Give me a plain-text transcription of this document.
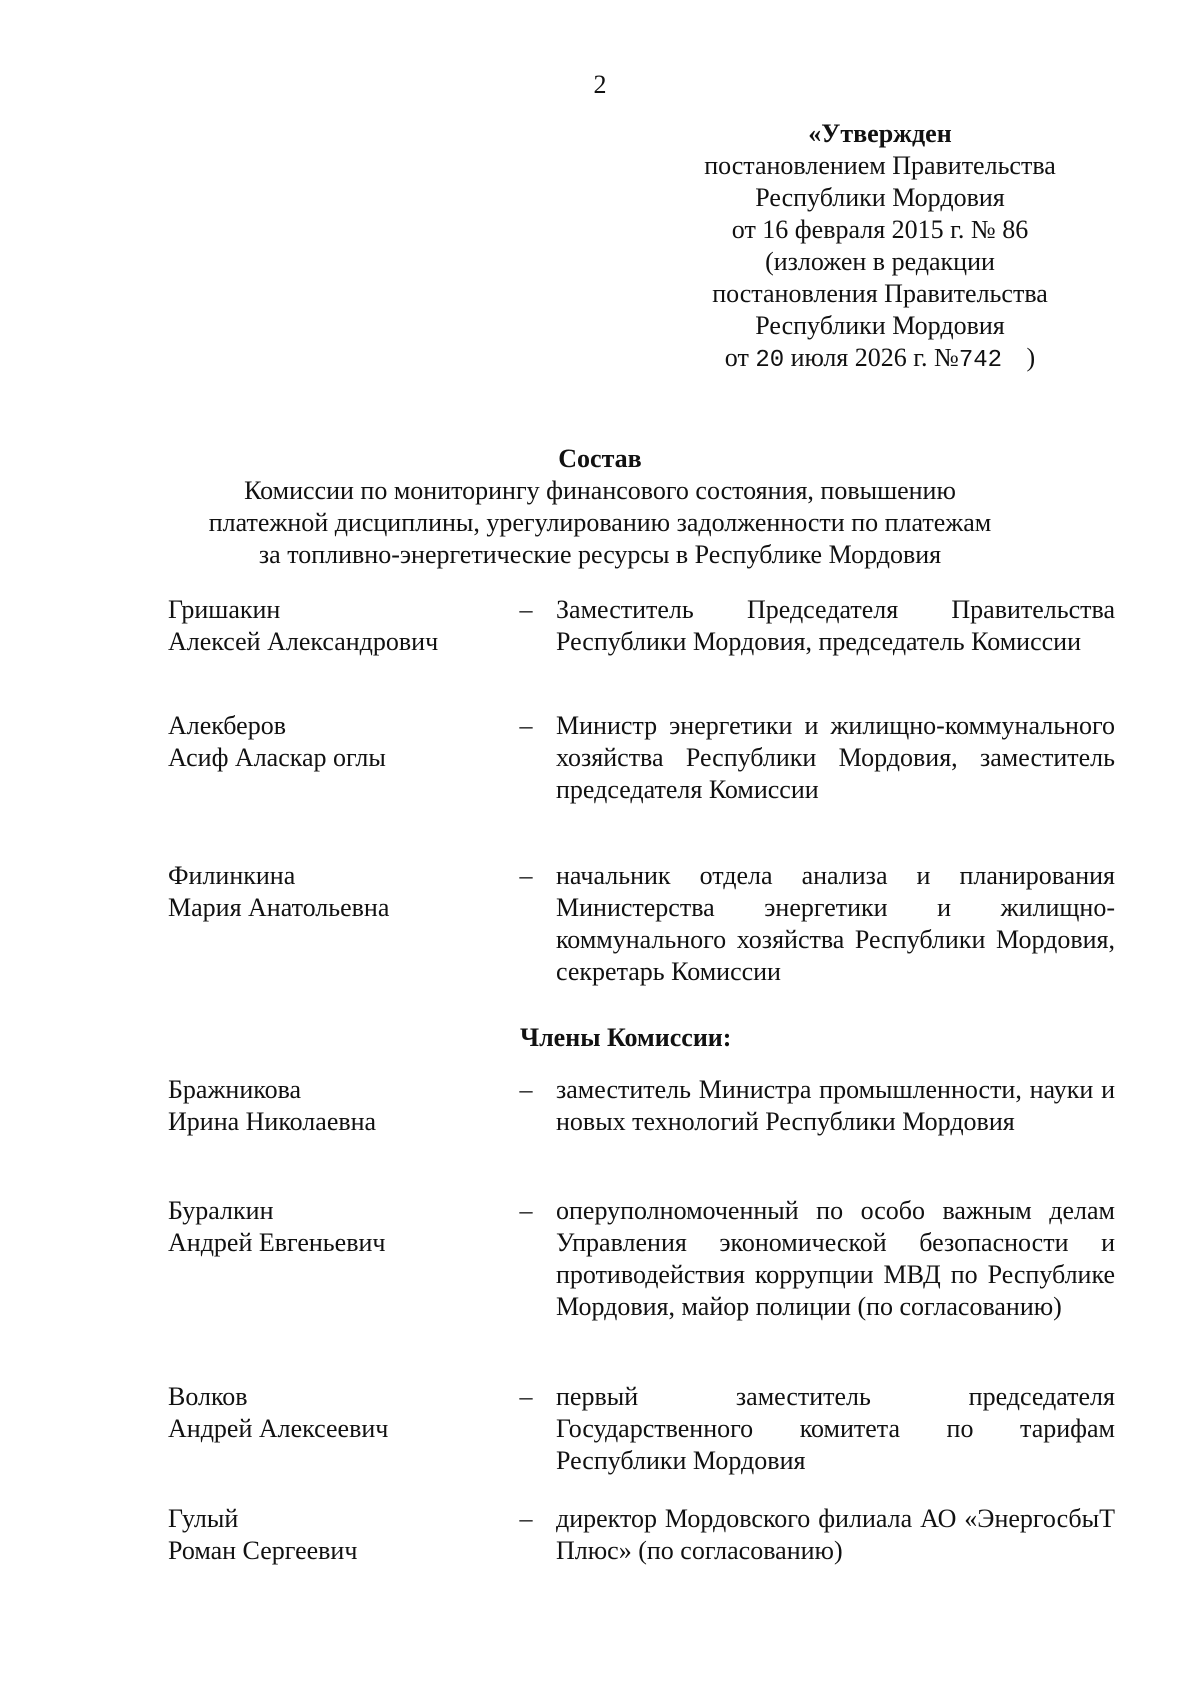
2
«Утвержден
постановлением Правительства
Республики Мордовия
от 16 февраля 2015 г. № 86
(изложен в редакции
постановления Правительства
Республики Мордовия
от 20 июля 2026 г. №742 )
Состав
Комиссии по мониторингу финансового состояния, повышению
платежной дисциплины, урегулированию задолженности по платежам
за топливно-энергетические ресурсы в Республике Мордовия
Гришакин
Алексей Александрович
– Заместитель Председателя Правительства Республики Мордовия, председатель Комиссии
Алекберов
Асиф Аласкар оглы
– Министр энергетики и жилищно-коммунального хозяйства Республики Мордовия, заместитель председателя Комиссии
Филинкина
Мария Анатольевна
– начальник отдела анализа и планирования Министерства энергетики и жилищно-коммунального хозяйства Республики Мордовия, секретарь Комиссии
Члены Комиссии:
Бражникова
Ирина Николаевна
– заместитель Министра промышленности, науки и новых технологий Республики Мордовия
Буралкин
Андрей Евгеньевич
– оперуполномоченный по особо важным делам Управления экономической безопасности и противодействия коррупции МВД по Республике Мордовия, майор полиции (по согласованию)
Волков
Андрей Алексеевич
– первый заместитель председателя Государственного комитета по тарифам Республики Мордовия
Гулый
Роман Сергеевич
– директор Мордовского филиала АО «ЭнергосбыТ Плюс» (по согласованию)
